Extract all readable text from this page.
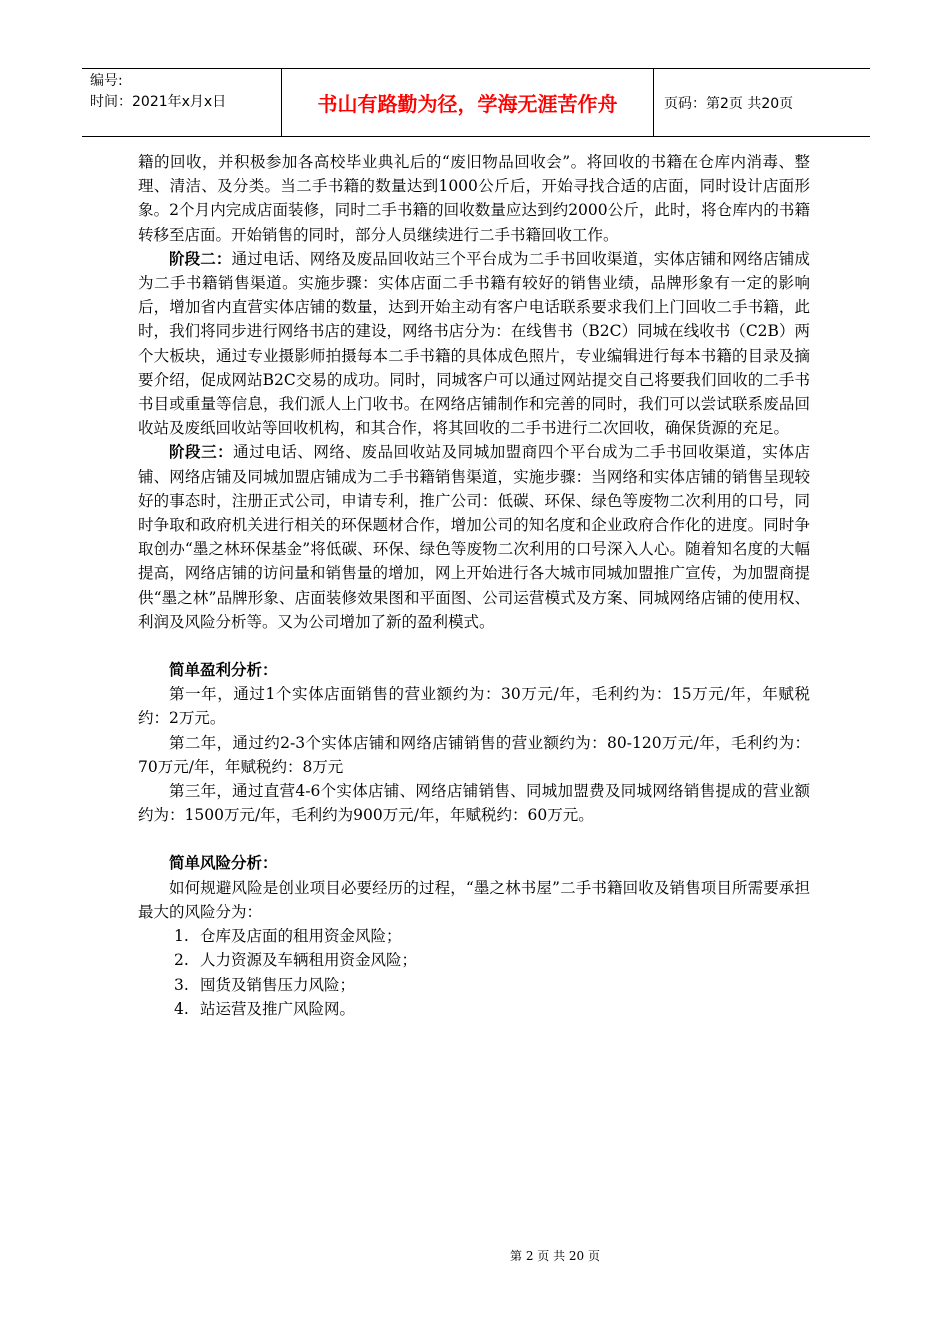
编号:
时间：2021年x月x日	书山有路勤为径，学海无涯苦作舟	页码：第2页 共20页

籍的回收，并积极参加各高校毕业典礼后的“废旧物品回收会”。将回收的书籍在仓库内消毒、整理、清洁、及分类。当二手书籍的数量达到1000公斤后，开始寻找合适的店面，同时设计店面形象。2个月内完成店面装修，同时二手书籍的回收数量应达到约2000公斤，此时，将仓库内的书籍转移至店面。开始销售的同时，部分人员继续进行二手书籍回收工作。

阶段二：通过电话、网络及废品回收站三个平台成为二手书回收渠道，实体店铺和网络店铺成为二手书籍销售渠道。实施步骤：实体店面二手书籍有较好的销售业绩，品牌形象有一定的影响后，增加省内直营实体店铺的数量，达到开始主动有客户电话联系要求我们上门回收二手书籍，此时，我们将同步进行网络书店的建设，网络书店分为：在线售书（B2C）同城在线收书（C2B）两个大板块，通过专业摄影师拍摄每本二手书籍的具体成色照片，专业编辑进行每本书籍的目录及摘要介绍，促成网站B2C交易的成功。同时，同城客户可以通过网站提交自己将要我们回收的二手书书目或重量等信息，我们派人上门收书。在网络店铺制作和完善的同时，我们可以尝试联系废品回收站及废纸回收站等回收机构，和其合作，将其回收的二手书进行二次回收，确保货源的充足。

阶段三：通过电话、网络、废品回收站及同城加盟商四个平台成为二手书回收渠道，实体店铺、网络店铺及同城加盟店铺成为二手书籍销售渠道，实施步骤：当网络和实体店铺的销售呈现较好的事态时，注册正式公司，申请专利，推广公司：低碳、环保、绿色等废物二次利用的口号，同时争取和政府机关进行相关的环保题材合作，增加公司的知名度和企业政府合作化的进度。同时争取创办“墨之林环保基金”将低碳、环保、绿色等废物二次利用的口号深入人心。随着知名度的大幅提高，网络店铺的访问量和销售量的增加，网上开始进行各大城市同城加盟推广宣传，为加盟商提供“墨之林”品牌形象、店面装修效果图和平面图、公司运营模式及方案、同城网络店铺的使用权、利润及风险分析等。又为公司增加了新的盈利模式。

简单盈利分析：

第一年，通过1个实体店面销售的营业额约为：30万元/年，毛利约为：15万元/年，年赋税约：2万元。

第二年，通过约2-3个实体店铺和网络店铺销售的营业额约为：80-120万元/年，毛利约为：70万元/年，年赋税约：8万元

第三年，通过直营4-6个实体店铺、网络店铺销售、同城加盟费及同城网络销售提成的营业额约为：1500万元/年，毛利约为900万元/年，年赋税约：60万元。

简单风险分析：

如何规避风险是创业项目必要经历的过程，“墨之林书屋”二手书籍回收及销售项目所需要承担最大的风险分为：

1. 仓库及店面的租用资金风险；

2. 人力资源及车辆租用资金风险；

3. 囤货及销售压力风险；

4. 站运营及推广风险网。

第 2 页 共 20 页
